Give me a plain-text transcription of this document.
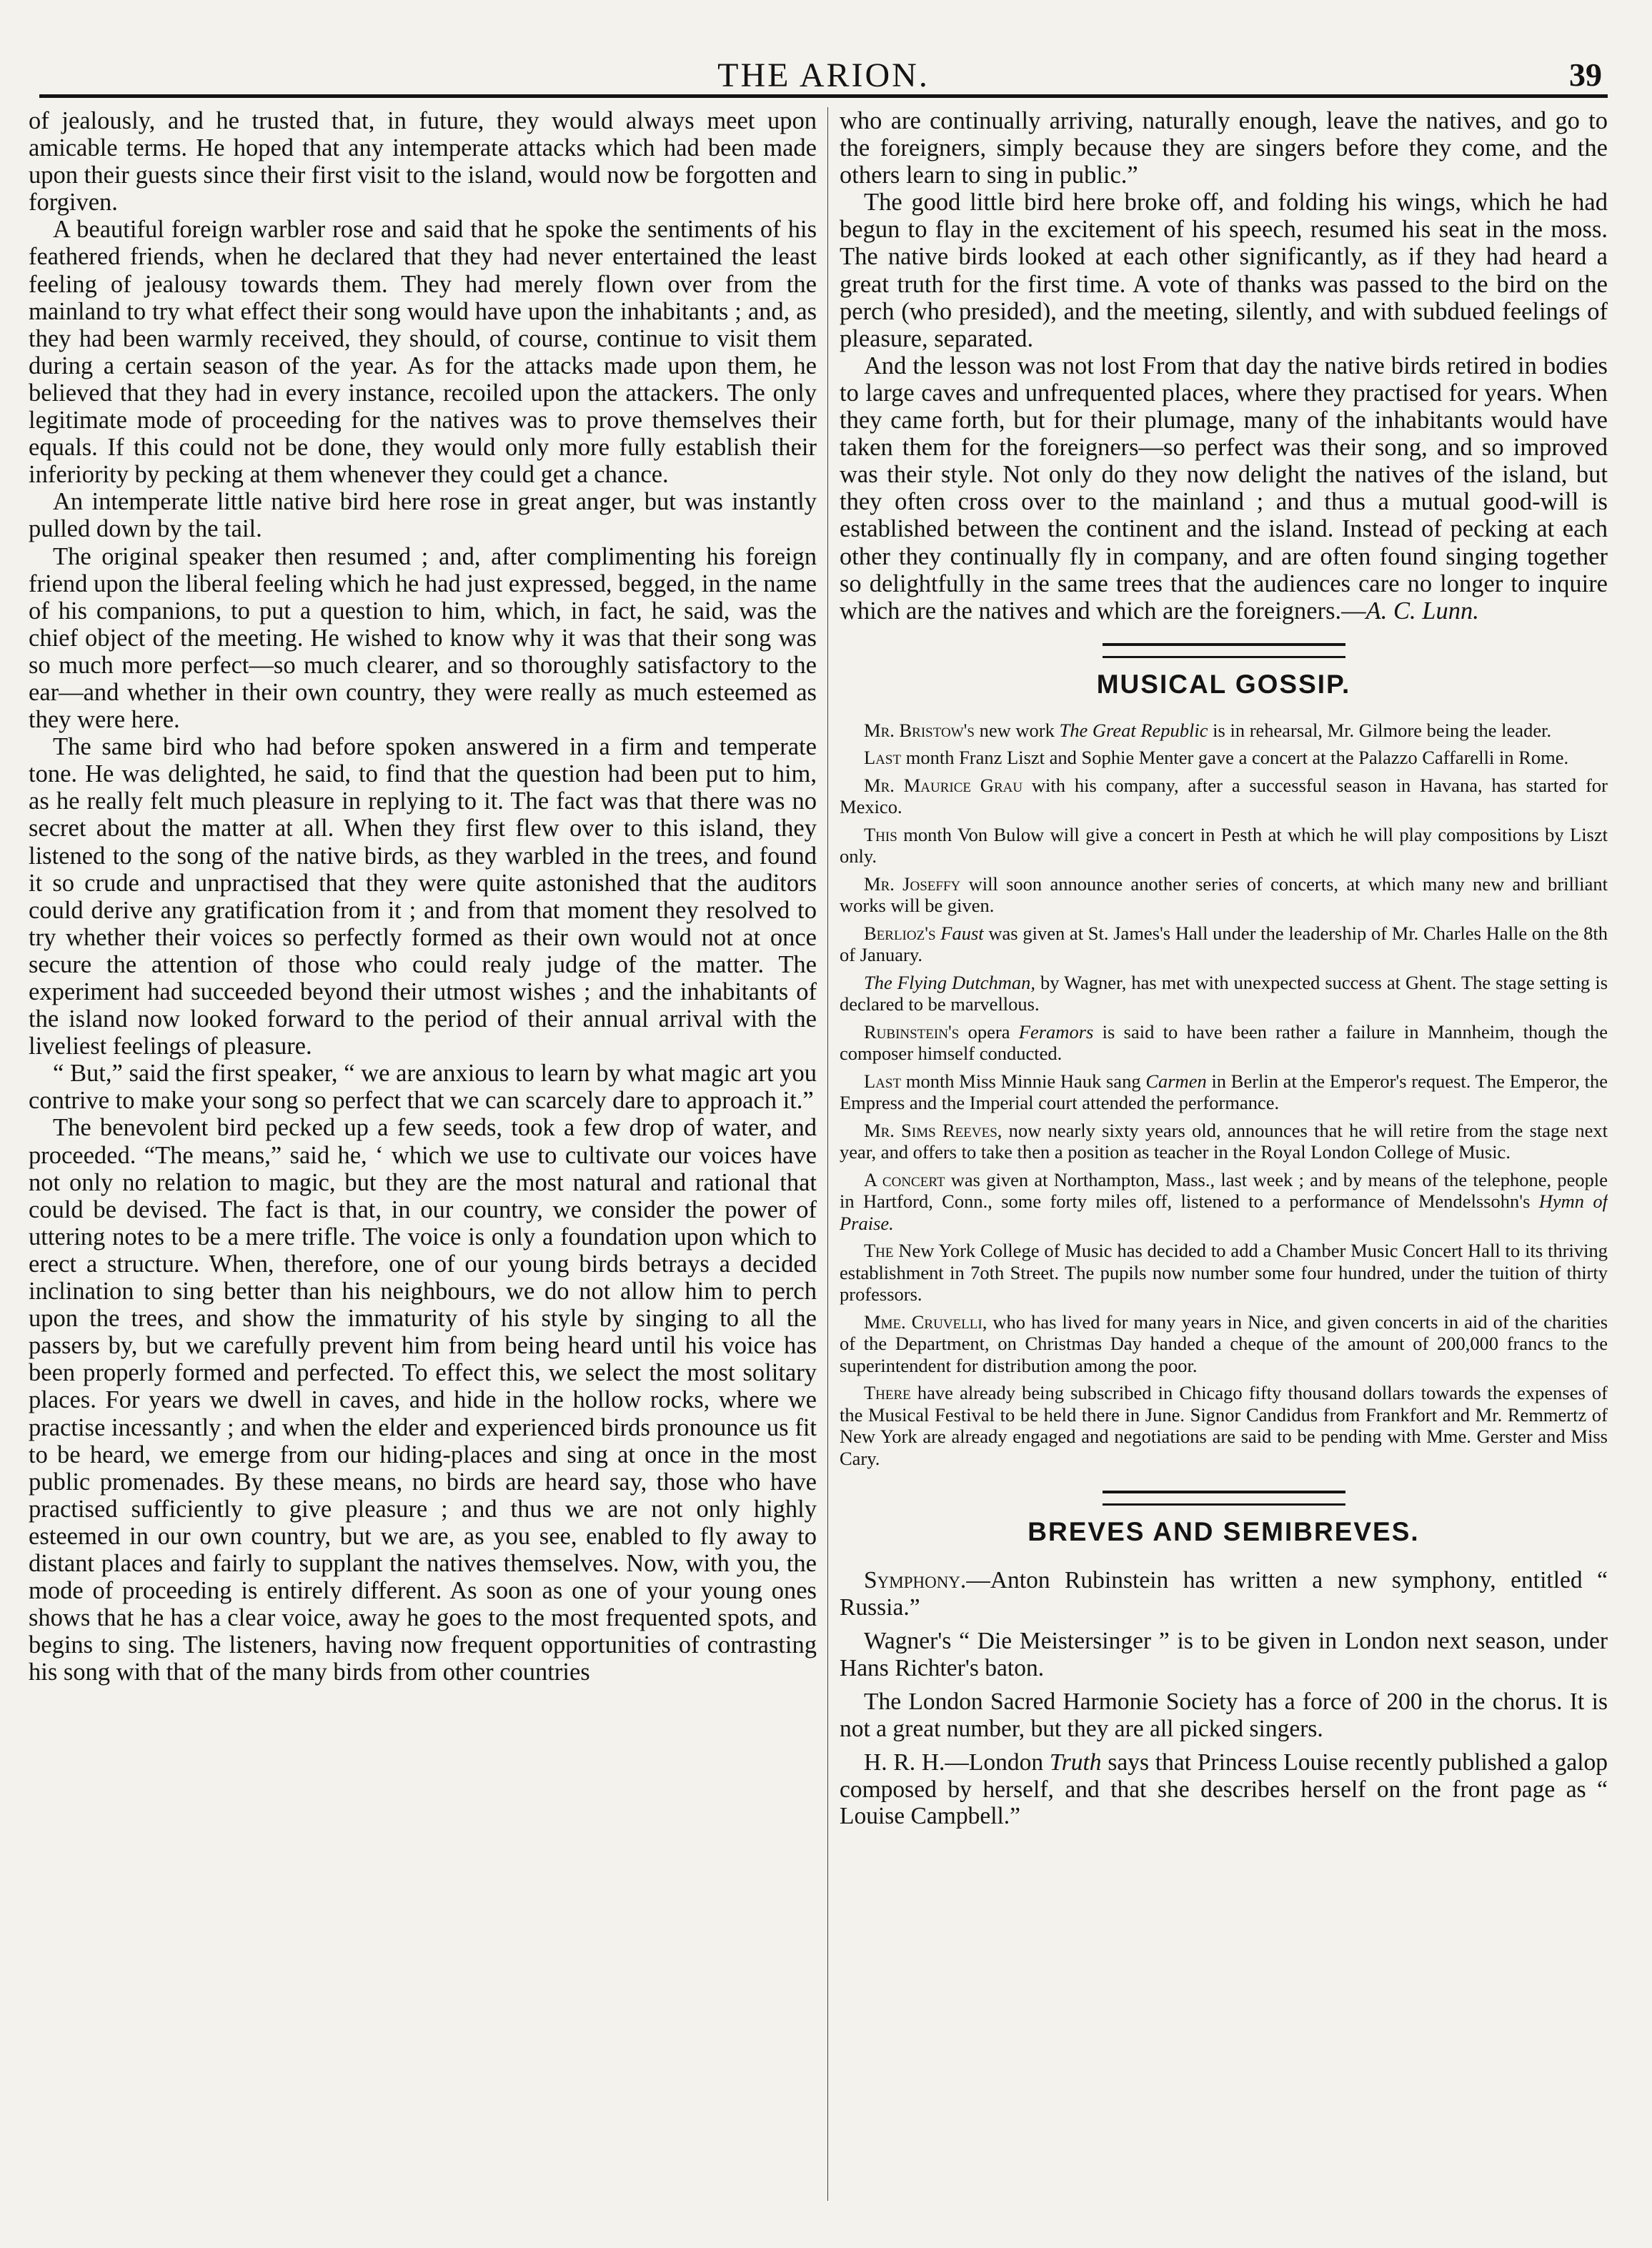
THE ARION.	39

of jealously, and he trusted that, in future, they would always meet upon amicable terms. He hoped that any intemperate attacks which had been made upon their guests since their first visit to the island, would now be forgotten and forgiven.

A beautiful foreign warbler rose and said that he spoke the sentiments of his feathered friends, when he declared that they had never entertained the least feeling of jealousy towards them. They had merely flown over from the mainland to try what effect their song would have upon the inhabitants ; and, as they had been warmly received, they should, of course, continue to visit them during a certain season of the year. As for the attacks made upon them, he believed that they had in every instance, recoiled upon the attackers. The only legitimate mode of proceeding for the natives was to prove themselves their equals. If this could not be done, they would only more fully establish their inferiority by pecking at them whenever they could get a chance.

An intemperate little native bird here rose in great anger, but was instantly pulled down by the tail.

The original speaker then resumed ; and, after complimenting his foreign friend upon the liberal feeling which he had just expressed, begged, in the name of his companions, to put a question to him, which, in fact, he said, was the chief object of the meeting. He wished to know why it was that their song was so much more perfect—so much clearer, and so thoroughly satisfactory to the ear—and whether in their own country, they were really as much esteemed as they were here.

The same bird who had before spoken answered in a firm and temperate tone. He was delighted, he said, to find that the question had been put to him, as he really felt much pleasure in replying to it. The fact was that there was no secret about the matter at all. When they first flew over to this island, they listened to the song of the native birds, as they warbled in the trees, and found it so crude and unpractised that they were quite astonished that the auditors could derive any gratification from it ; and from that moment they resolved to try whether their voices so perfectly formed as their own would not at once secure the attention of those who could realy judge of the matter. The experiment had succeeded beyond their utmost wishes ; and the inhabitants of the island now looked forward to the period of their annual arrival with the liveliest feelings of pleasure.

“ But,” said the first speaker, “ we are anxious to learn by what magic art you contrive to make your song so perfect that we can scarcely dare to approach it.”

The benevolent bird pecked up a few seeds, took a few drop of water, and proceeded. “The means,” said he, ‘ which we use to cultivate our voices have not only no relation to magic, but they are the most natural and rational that could be devised. The fact is that, in our country, we consider the power of uttering notes to be a mere trifle. The voice is only a foundation upon which to erect a structure. When, therefore, one of our young birds betrays a decided inclination to sing better than his neighbours, we do not allow him to perch upon the trees, and show the immaturity of his style by singing to all the passers by, but we carefully prevent him from being heard until his voice has been properly formed and perfected. To effect this, we select the most solitary places. For years we dwell in caves, and hide in the hollow rocks, where we practise incessantly ; and when the elder and experienced birds pronounce us fit to be heard, we emerge from our hiding-places and sing at once in the most public promenades. By these means, no birds are heard say, those who have practised sufficiently to give pleasure ; and thus we are not only highly esteemed in our own country, but we are, as you see, enabled to fly away to distant places and fairly to supplant the natives themselves. Now, with you, the mode of proceeding is entirely different. As soon as one of your young ones shows that he has a clear voice, away he goes to the most frequented spots, and begins to sing. The listeners, having now frequent opportunities of contrasting his song with that of the many birds from other countries

who are continually arriving, naturally enough, leave the natives, and go to the foreigners, simply because they are singers before they come, and the others learn to sing in public.”

The good little bird here broke off, and folding his wings, which he had begun to flay in the excitement of his speech, resumed his seat in the moss. The native birds looked at each other significantly, as if they had heard a great truth for the first time. A vote of thanks was passed to the bird on the perch (who presided), and the meeting, silently, and with subdued feelings of pleasure, separated.

And the lesson was not lost From that day the native birds retired in bodies to large caves and unfrequented places, where they practised for years. When they came forth, but for their plumage, many of the inhabitants would have taken them for the foreigners—so perfect was their song, and so improved was their style. Not only do they now delight the natives of the island, but they often cross over to the mainland ; and thus a mutual good-will is established between the continent and the island. Instead of pecking at each other they continually fly in company, and are often found singing together so delightfully in the same trees that the audiences care no longer to inquire which are the natives and which are the foreigners.—A. C. Lunn.

MUSICAL GOSSIP.

Mr. Bristow's new work The Great Republic is in rehearsal, Mr. Gilmore being the leader.

Last month Franz Liszt and Sophie Menter gave a concert at the Palazzo Caffarelli in Rome.

Mr. Maurice Grau with his company, after a successful season in Havana, has started for Mexico.

This month Von Bulow will give a concert in Pesth at which he will play compositions by Liszt only.

Mr. Joseffy will soon announce another series of concerts, at which many new and brilliant works will be given.

Berlioz's Faust was given at St. James's Hall under the leadership of Mr. Charles Halle on the 8th of January.

The Flying Dutchman, by Wagner, has met with unexpected success at Ghent. The stage setting is declared to be marvellous.

Rubinstein's opera Feramors is said to have been rather a failure in Mannheim, though the composer himself conducted.

Last month Miss Minnie Hauk sang Carmen in Berlin at the Emperor's request. The Emperor, the Empress and the Imperial court attended the performance.

Mr. Sims Reeves, now nearly sixty years old, announces that he will retire from the stage next year, and offers to take then a position as teacher in the Royal London College of Music.

A concert was given at Northampton, Mass., last week ; and by means of the telephone, people in Hartford, Conn., some forty miles off, listened to a performance of Mendelssohn's Hymn of Praise.

The New York College of Music has decided to add a Chamber Music Concert Hall to its thriving establishment in 7oth Street. The pupils now number some four hundred, under the tuition of thirty professors.

Mme. Cruvelli, who has lived for many years in Nice, and given concerts in aid of the charities of the Department, on Christmas Day handed a cheque of the amount of 200,000 francs to the superintendent for distribution among the poor.

There have already being subscribed in Chicago fifty thousand dollars towards the expenses of the Musical Festival to be held there in June. Signor Candidus from Frankfort and Mr. Remmertz of New York are already engaged and negotiations are said to be pending with Mme. Gerster and Miss Cary.

BREVES AND SEMIBREVES.

Symphony.—Anton Rubinstein has written a new symphony, entitled “ Russia.”

Wagner's “ Die Meistersinger ” is to be given in London next season, under Hans Richter's baton.

The London Sacred Harmonie Society has a force of 200 in the chorus. It is not a great number, but they are all picked singers.

H. R. H.—London Truth says that Princess Louise recently published a galop composed by herself, and that she describes herself on the front page as “ Louise Campbell.”
